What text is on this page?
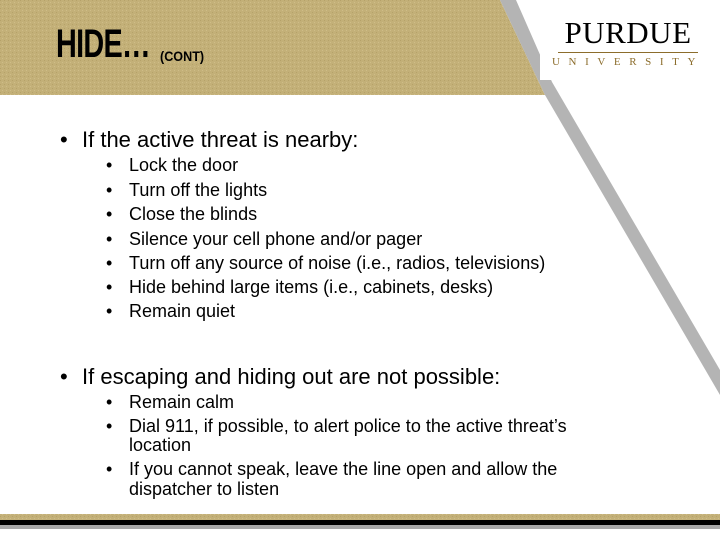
HIDE… (CONT)
PURDUE
UNIVERSITY
• If the active threat is nearby:
• Lock the door
• Turn off the lights
• Close the blinds
• Silence your cell phone and/or pager
• Turn off any source of noise (i.e., radios, televisions)
• Hide behind large items (i.e., cabinets, desks)
• Remain quiet
• If escaping and hiding out are not possible:
• Remain calm
• Dial 911, if possible, to alert police to the active threat’s
location
• If you cannot speak, leave the line open and allow the
dispatcher to listen
